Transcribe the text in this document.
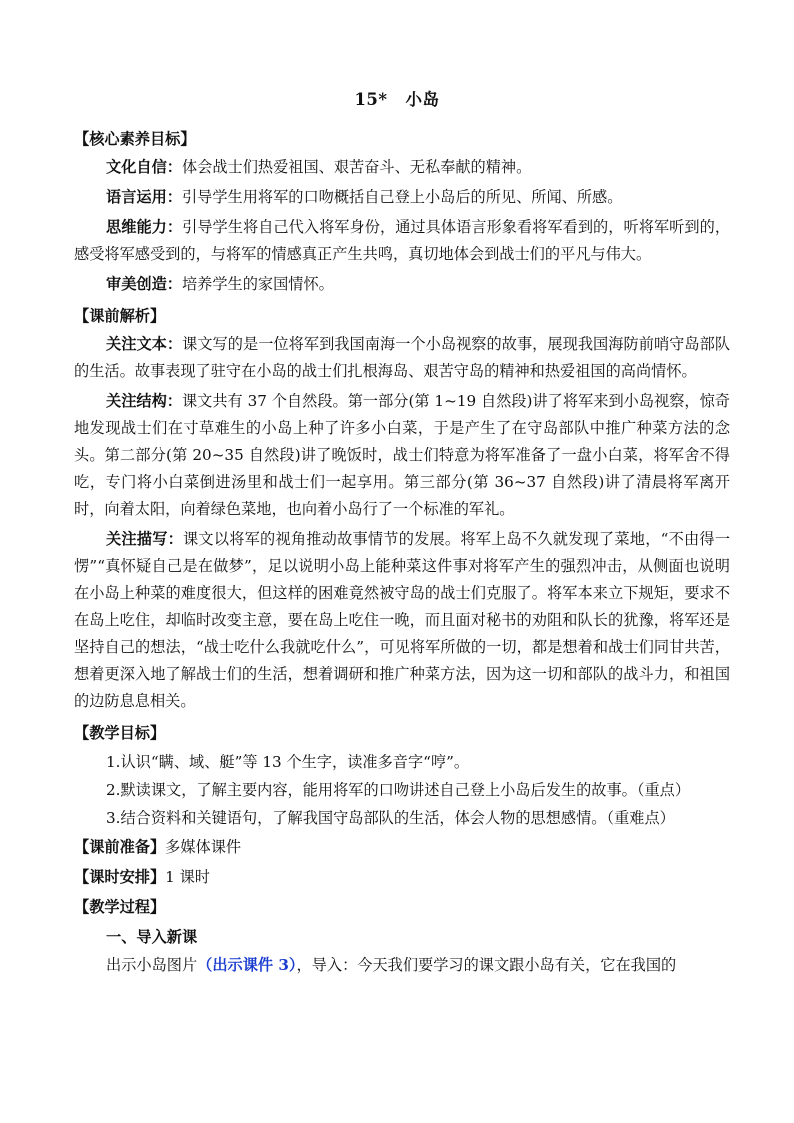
15* 小岛

【核心素养目标】

文化自信：体会战士们热爱祖国、艰苦奋斗、无私奉献的精神。

语言运用：引导学生用将军的口吻概括自己登上小岛后的所见、所闻、所感。

思维能力：引导学生将自己代入将军身份，通过具体语言形象看将军看到的，听将军听到的，感受将军感受到的，与将军的情感真正产生共鸣，真切地体会到战士们的平凡与伟大。

审美创造：培养学生的家国情怀。

【课前解析】

关注文本：课文写的是一位将军到我国南海一个小岛视察的故事，展现我国海防前哨守岛部队的生活。故事表现了驻守在小岛的战士们扎根海岛、艰苦守岛的精神和热爱祖国的高尚情怀。

关注结构：课文共有 37 个自然段。第一部分(第 1~19 自然段)讲了将军来到小岛视察，惊奇地发现战士们在寸草难生的小岛上种了许多小白菜，于是产生了在守岛部队中推广种菜方法的念头。第二部分(第 20~35 自然段)讲了晚饭时，战士们特意为将军准备了一盘小白菜，将军舍不得吃，专门将小白菜倒进汤里和战士们一起享用。第三部分(第 36~37 自然段)讲了清晨将军离开时，向着太阳，向着绿色菜地，也向着小岛行了一个标准的军礼。

关注描写：课文以将军的视角推动故事情节的发展。将军上岛不久就发现了菜地，“不由得一愣”“真怀疑自己是在做梦”，足以说明小岛上能种菜这件事对将军产生的强烈冲击，从侧面也说明在小岛上种菜的难度很大，但这样的困难竟然被守岛的战士们克服了。将军本来立下规矩，要求不在岛上吃住，却临时改变主意，要在岛上吃住一晚，而且面对秘书的劝阻和队长的犹豫，将军还是坚持自己的想法，“战士吃什么我就吃什么”，可见将军所做的一切，都是想着和战士们同甘共苦，想着更深入地了解战士们的生活，想着调研和推广种菜方法，因为这一切和部队的战斗力，和祖国的边防息息相关。

【教学目标】

1.认识“瞒、域、艇”等 13 个生字，读准多音字“哼”。

2.默读课文，了解主要内容，能用将军的口吻讲述自己登上小岛后发生的故事。（重点）

3.结合资料和关键语句，了解我国守岛部队的生活，体会人物的思想感情。（重难点）

【课前准备】多媒体课件

【课时安排】1 课时

【教学过程】

一、导入新课

出示小岛图片（出示课件 3），导入：今天我们要学习的课文跟小岛有关，它在我国的
